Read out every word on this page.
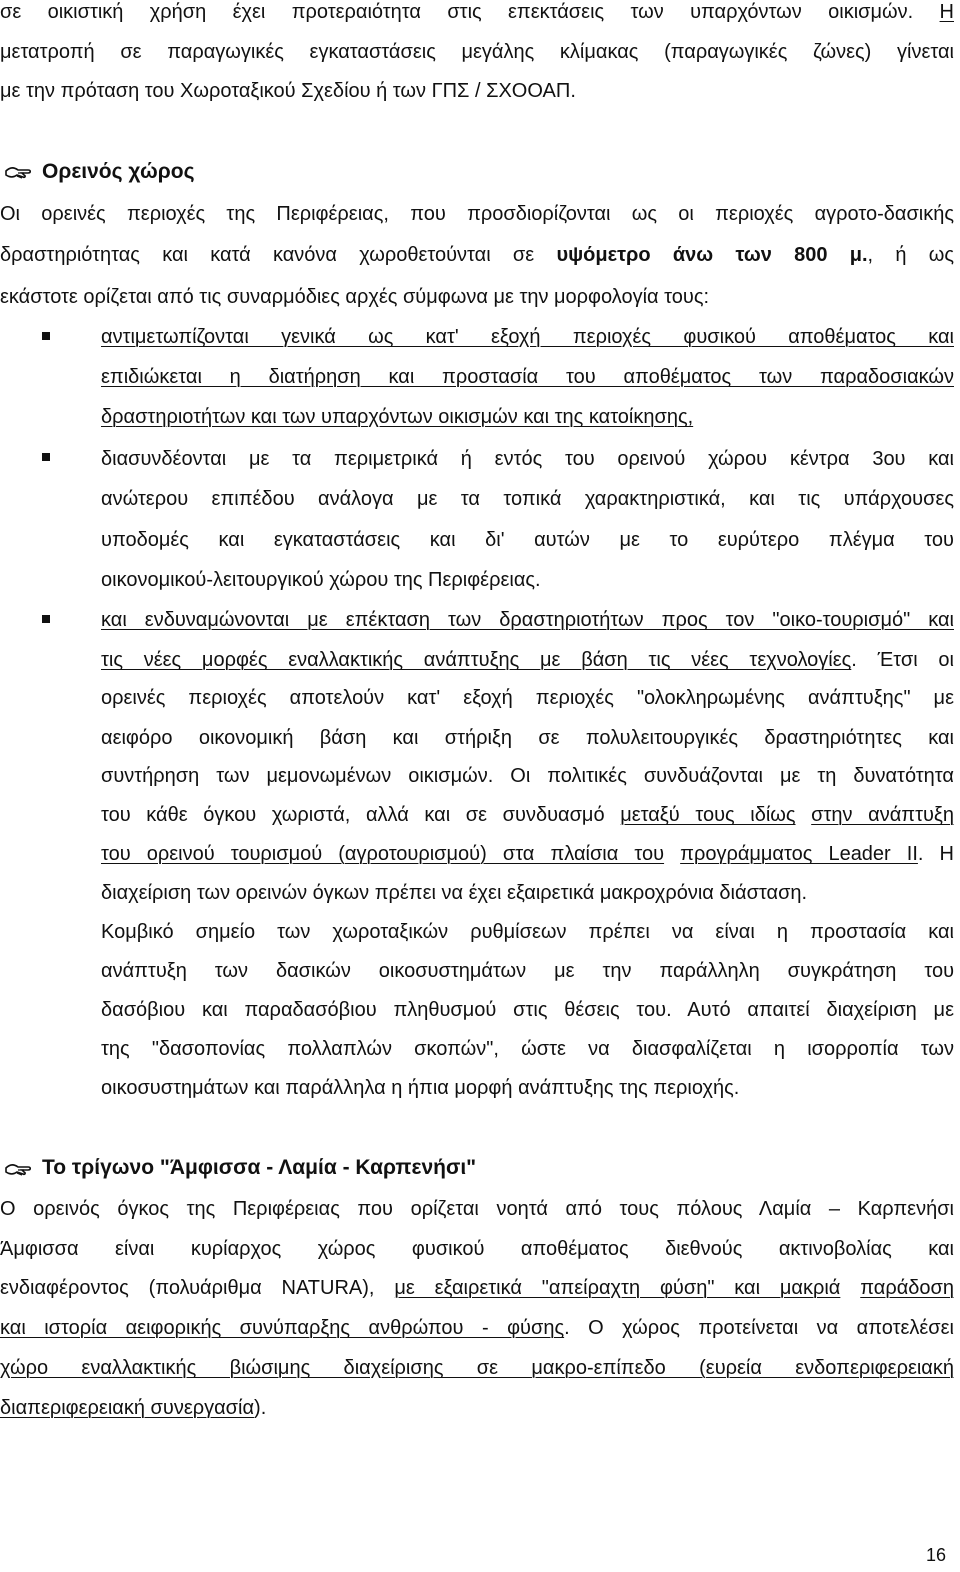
σε οικιστική χρήση έχει προτεραιότητα στις επεκτάσεις των υπαρχόντων οικισμών. Η
μετατροπή σε παραγωγικές εγκαταστάσεις μεγάλης κλίμακας (παραγωγικές ζώνες) γίνεται
με την πρόταση του Χωροταξικού Σχεδίου ή των ΓΠΣ / ΣΧΟΟΑΠ.
Ορεινός χώρος
Οι ορεινές περιοχές της Περιφέρειας, που προσδιορίζονται ως οι περιοχές αγροτο-δασικής
δραστηριότητας και κατά κανόνα χωροθετούνται σε υψόμετρο άνω των 800 μ., ή ως
εκάστοτε ορίζεται από τις συναρμόδιες αρχές σύμφωνα με την μορφολογία τους:
αντιμετωπίζονται γενικά ως κατ' εξοχή περιοχές φυσικού αποθέματος και
επιδιώκεται η διατήρηση και προστασία του αποθέματος των παραδοσιακών
δραστηριοτήτων και των υπαρχόντων οικισμών και της κατοίκησης,
διασυνδέονται με τα περιμετρικά ή εντός του ορεινού χώρου κέντρα 3ου και
ανώτερου επιπέδου ανάλογα με τα τοπικά χαρακτηριστικά, και τις υπάρχουσες
υποδομές και εγκαταστάσεις και δι' αυτών με το ευρύτερο πλέγμα του
οικονομικού-λειτουργικού χώρου της Περιφέρειας.
και ενδυναμώνονται με επέκταση των δραστηριοτήτων προς τον "οικο-τουρισμό" και
τις νέες μορφές εναλλακτικής ανάπτυξης με βάση τις νέες τεχνολογίες. Έτσι οι
ορεινές περιοχές αποτελούν κατ' εξοχή περιοχές "ολοκληρωμένης ανάπτυξης" με
αειφόρο οικονομική βάση και στήριξη σε πολυλειτουργικές δραστηριότητες και
συντήρηση των μεμονωμένων οικισμών. Οι πολιτικές συνδυάζονται με τη δυνατότητα
του κάθε όγκου χωριστά, αλλά και σε συνδυασμό μεταξύ τους ιδίως στην ανάπτυξη
του ορεινού τουρισμού (αγροτουρισμού) στα πλαίσια του προγράμματος Leader II. Η
διαχείριση των ορεινών όγκων πρέπει να έχει εξαιρετικά μακροχρόνια διάσταση.
Κομβικό σημείο των χωροταξικών ρυθμίσεων πρέπει να είναι η προστασία και
ανάπτυξη των δασικών οικοσυστημάτων με την παράλληλη συγκράτηση του
δασόβιου και παραδασόβιου πληθυσμού στις θέσεις του. Αυτό απαιτεί διαχείριση με
της "δασοπονίας πολλαπλών σκοπών", ώστε να διασφαλίζεται η ισορροπία των
οικοσυστημάτων και παράλληλα η ήπια μορφή ανάπτυξης της περιοχής.
Το τρίγωνο "Άμφισσα - Λαμία - Καρπενήσι"
Ο ορεινός όγκος της Περιφέρειας που ορίζεται νοητά από τους πόλους Λαμία – Καρπενήσι
Άμφισσα είναι κυρίαρχος χώρος φυσικού αποθέματος διεθνούς ακτινοβολίας και
ενδιαφέροντος (πολυάριθμα NATURA), με εξαιρετικά "απείραχτη φύση" και μακριά παράδοση
και ιστορία αειφορικής συνύπαρξης ανθρώπου - φύσης. Ο χώρος προτείνεται να αποτελέσει
χώρο εναλλακτικής βιώσιμης διαχείρισης σε μακρο-επίπεδο (ευρεία ενδοπεριφερειακή
διαπεριφερειακή συνεργασία).
16
